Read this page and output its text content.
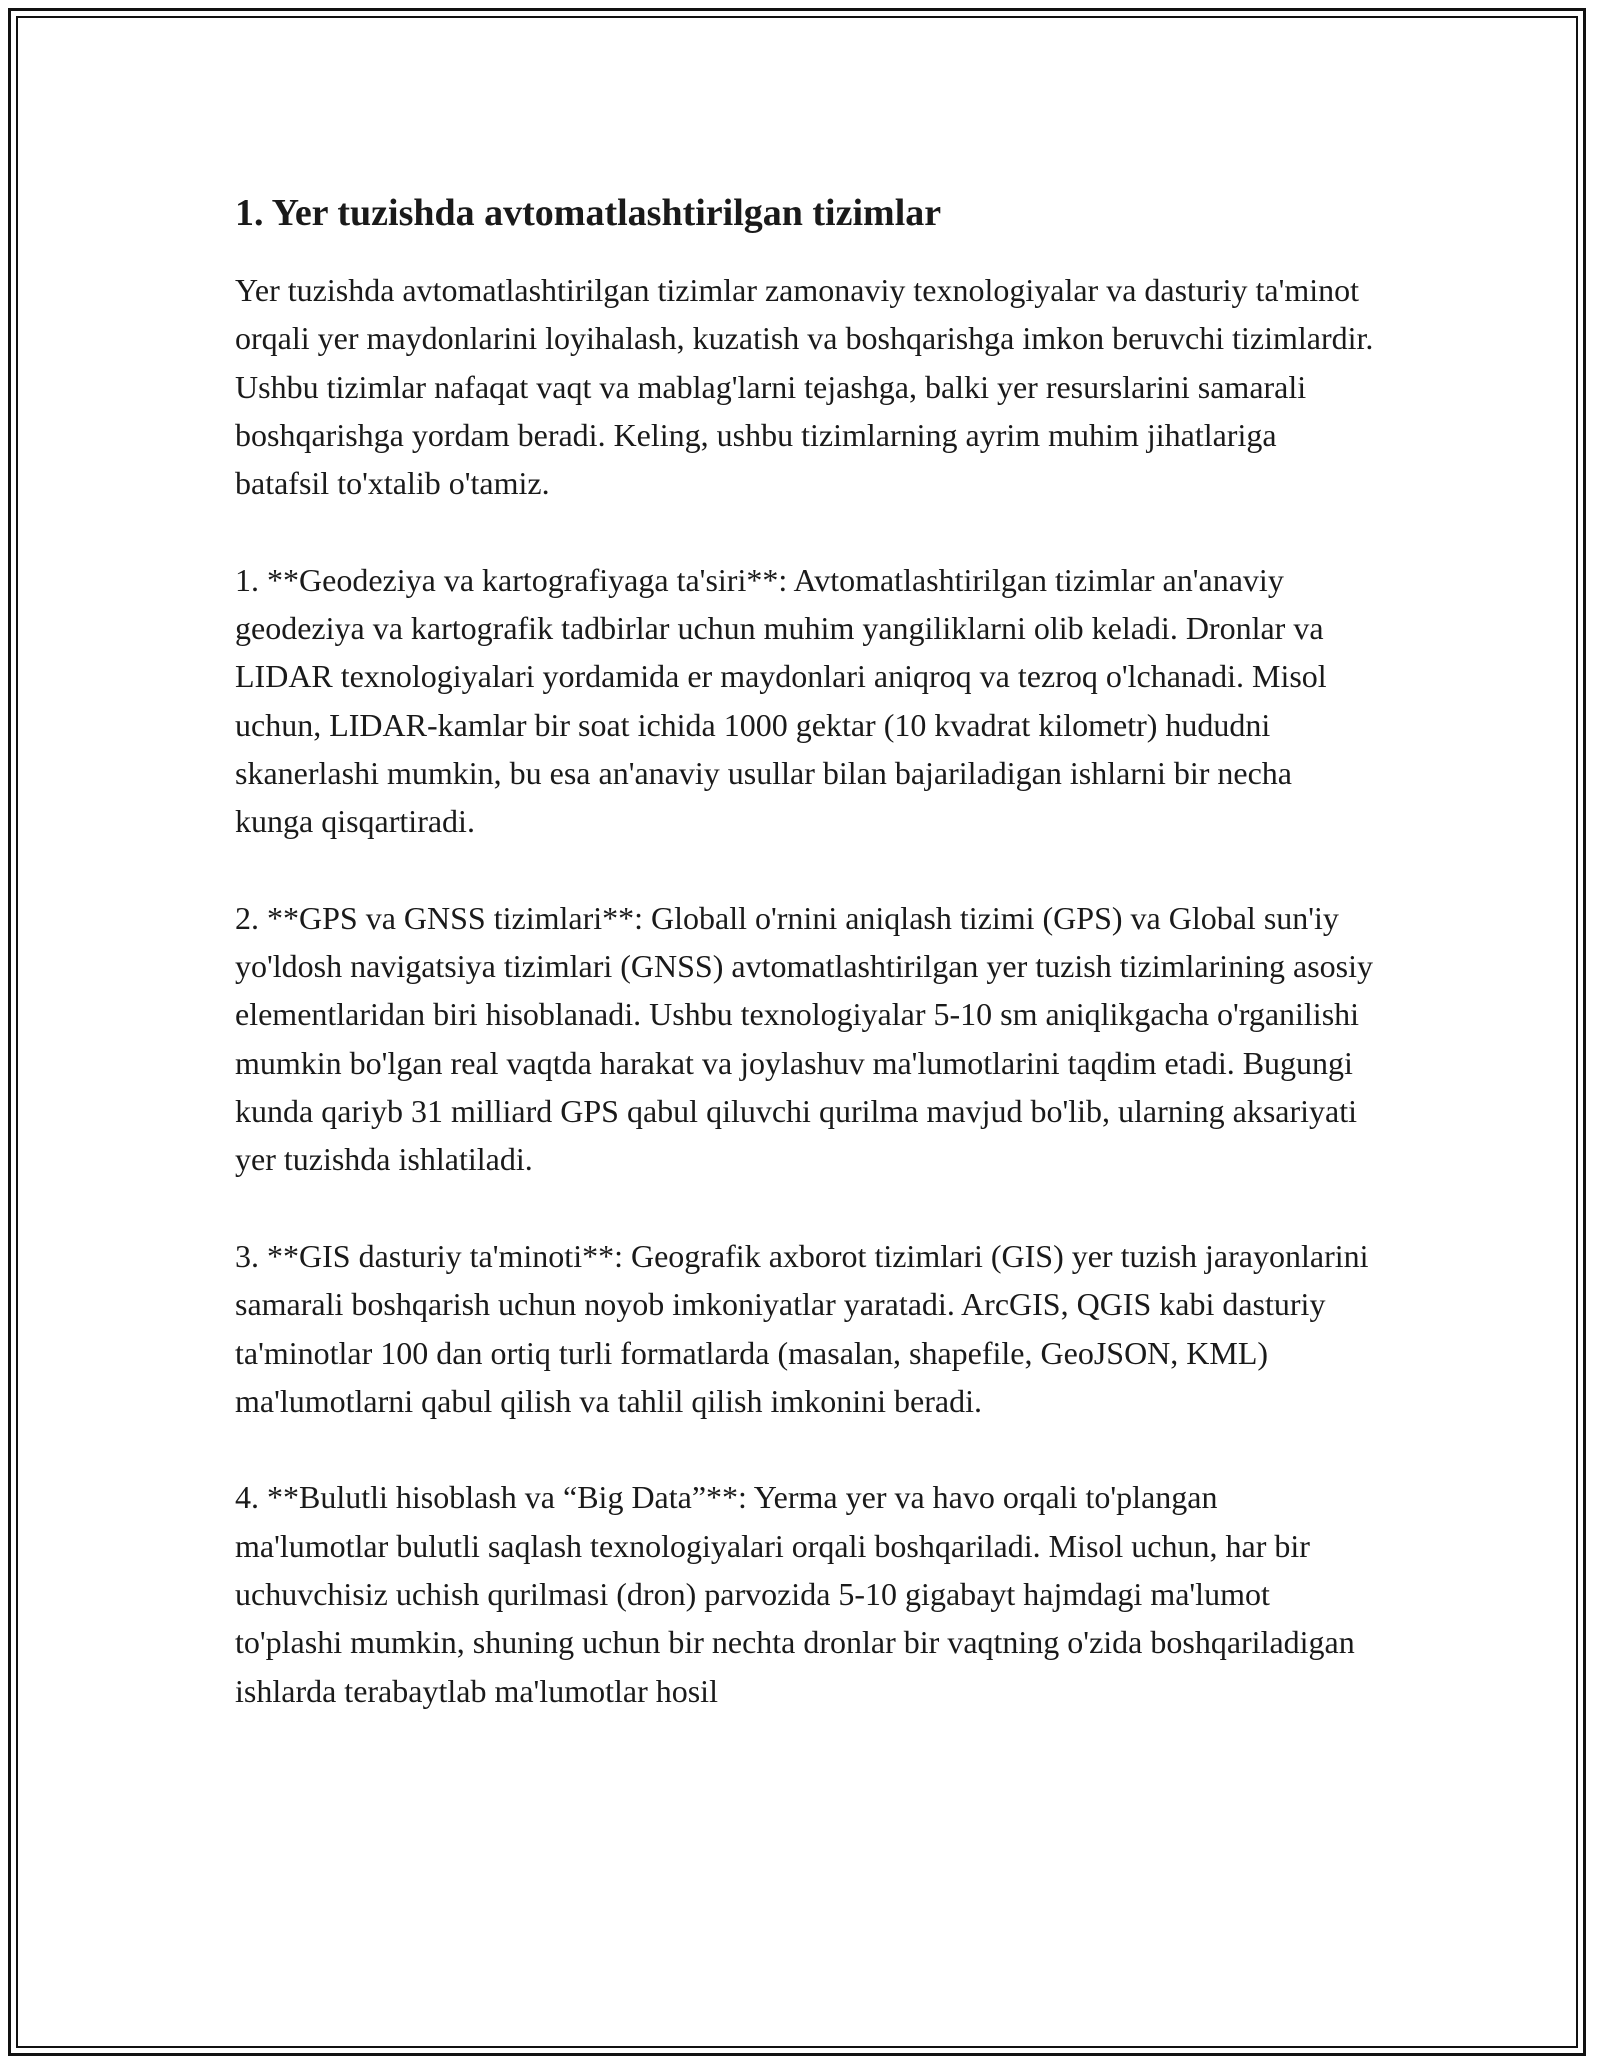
1. Yer tuzishda avtomatlashtirilgan tizimlar

Yer tuzishda avtomatlashtirilgan tizimlar zamonaviy texnologiyalar va dasturiy ta'minot orqali yer maydonlarini loyihalash, kuzatish va boshqarishga imkon beruvchi tizimlardir. Ushbu tizimlar nafaqat vaqt va mablag'larni tejashga, balki yer resurslarini samarali boshqarishga yordam beradi. Keling, ushbu tizimlarning ayrim muhim jihatlariga batafsil to'xtalib o'tamiz.

1. **Geodeziya va kartografiyaga ta'siri**: Avtomatlashtirilgan tizimlar an'anaviy geodeziya va kartografik tadbirlar uchun muhim yangiliklarni olib keladi. Dronlar va LIDAR texnologiyalari yordamida er maydonlari aniqroq va tezroq o'lchanadi. Misol uchun, LIDAR-kamlar bir soat ichida 1000 gektar (10 kvadrat kilometr) hududni skanerlashi mumkin, bu esa an'anaviy usullar bilan bajariladigan ishlarni bir necha kunga qisqartiradi.

2. **GPS va GNSS tizimlari**: Globall o'rnini aniqlash tizimi (GPS) va Global sun'iy yo'ldosh navigatsiya tizimlari (GNSS) avtomatlashtirilgan yer tuzish tizimlarining asosiy elementlaridan biri hisoblanadi. Ushbu texnologiyalar 5-10 sm aniqlikgacha o'rganilishi mumkin bo'lgan real vaqtda harakat va joylashuv ma'lumotlarini taqdim etadi. Bugungi kunda qariyb 31 milliard GPS qabul qiluvchi qurilma mavjud bo'lib, ularning aksariyati yer tuzishda ishlatiladi.

3. **GIS dasturiy ta'minoti**: Geografik axborot tizimlari (GIS) yer tuzish jarayonlarini samarali boshqarish uchun noyob imkoniyatlar yaratadi. ArcGIS, QGIS kabi dasturiy ta'minotlar 100 dan ortiq turli formatlarda (masalan, shapefile, GeoJSON, KML) ma'lumotlarni qabul qilish va tahlil qilish imkonini beradi.

4. **Bulutli hisoblash va “Big Data”**: Yerma yer va havo orqali to'plangan ma'lumotlar bulutli saqlash texnologiyalari orqali boshqariladi. Misol uchun, har bir uchuvchisiz uchish qurilmasi (dron) parvozida 5-10 gigabayt hajmdagi ma'lumot to'plashi mumkin, shuning uchun bir nechta dronlar bir vaqtning o'zida boshqariladigan ishlarda terabaytlab ma'lumotlar hosil
